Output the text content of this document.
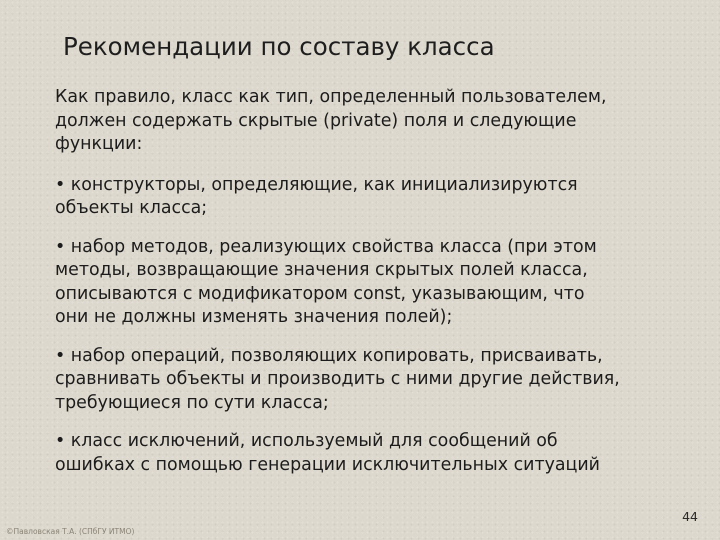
Рекомендации по составу класса
Как правило, класс как тип, определенный пользователем,
должен содержать скрытые (private) поля и следующие
функции:
• конструкторы, определяющие, как инициализируются
объекты класса;
• набор методов, реализующих свойства класса (при этом
методы, возвращающие значения скрытых полей класса,
описываются с модификатором const, указывающим, что
они не должны изменять значения полей);
• набор операций, позволяющих копировать, присваивать,
сравнивать объекты и производить с ними другие действия,
требующиеся по сути класса;
• класс исключений, используемый для сообщений об
ошибках с помощью генерации исключительных ситуаций
44
©Павловская Т.А. (СПбГУ ИТМО)
